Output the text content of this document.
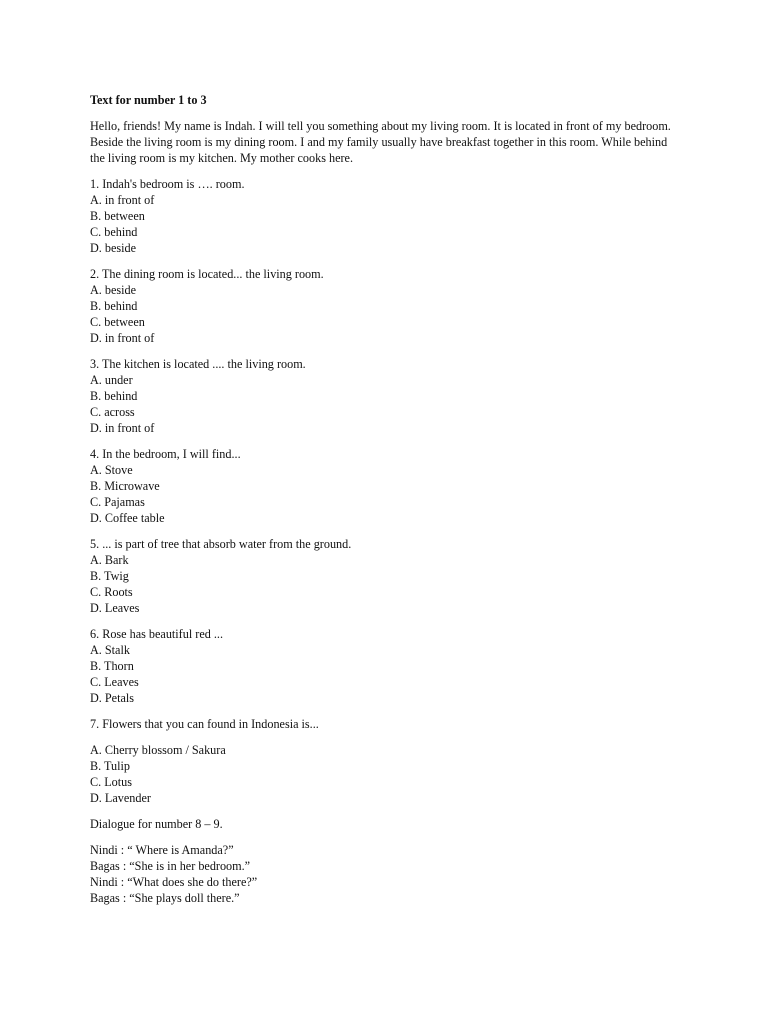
Text for number 1 to 3
Hello, friends! My name is Indah. I will tell you something about my living room. It is located in front of my bedroom. Beside the living room is my dining room. I and my family usually have breakfast together in this room. While behind the living room is my kitchen. My mother cooks here.
1. Indah's bedroom is …. room.
A. in front of
B. between
C. behind
D. beside
2. The dining room is located... the living room.
A. beside
B. behind
C. between
D. in front of
3. The kitchen is located .... the living room.
A. under
B. behind
C. across
D. in front of
4. In the bedroom, I will find...
A. Stove
B. Microwave
C. Pajamas
D. Coffee table
5. ... is part of tree that absorb water from the ground.
A. Bark
B. Twig
C. Roots
D. Leaves
6. Rose has beautiful red ...
A. Stalk
B. Thorn
C. Leaves
D. Petals
7. Flowers that you can found in Indonesia is...
A. Cherry blossom / Sakura
B. Tulip
C. Lotus
D. Lavender
Dialogue for number 8 – 9.
Nindi : “ Where is Amanda?”
Bagas : “She is in her bedroom.”
Nindi : “What does she do there?”
Bagas : “She plays doll there.”
